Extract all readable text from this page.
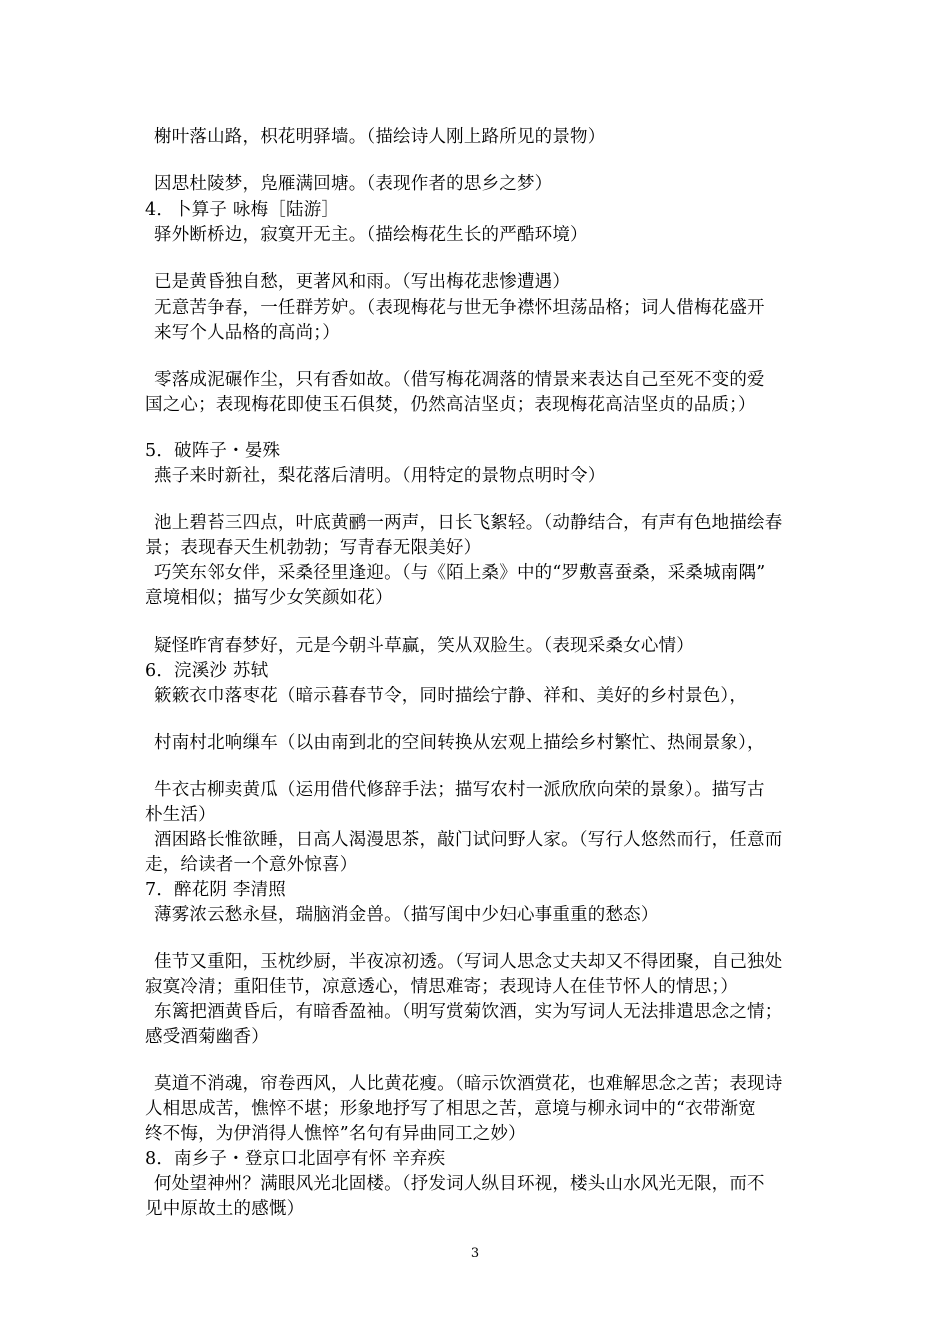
榭叶落山路，枳花明驿墙。（描绘诗人刚上路所见的景物）
因思杜陵梦，凫雁满回塘。（表现作者的思乡之梦）
4．卜算子 咏梅［陆游］
驿外断桥边，寂寞开无主。（描绘梅花生长的严酷环境）
已是黄昏独自愁，更著风和雨。（写出梅花悲惨遭遇）
无意苦争春，一任群芳妒。（表现梅花与世无争襟怀坦荡品格；词人借梅花盛开
来写个人品格的高尚；）
零落成泥碾作尘，只有香如故。（借写梅花凋落的情景来表达自己至死不变的爱
国之心；表现梅花即使玉石俱焚，仍然高洁坚贞；表现梅花高洁坚贞的品质；）
5．破阵子・晏殊
燕子来时新社，梨花落后清明。（用特定的景物点明时令）
池上碧苔三四点，叶底黄鹂一两声，日长飞絮轻。（动静结合，有声有色地描绘春
景；表现春天生机勃勃；写青春无限美好）
巧笑东邻女伴，采桑径里逢迎。（与《陌上桑》中的“罗敷喜蚕桑，采桑城南隅”
意境相似；描写少女笑颜如花）
疑怪昨宵春梦好，元是今朝斗草赢，笑从双脸生。（表现采桑女心情）
6．浣溪沙 苏轼
簌簌衣巾落枣花（暗示暮春节令，同时描绘宁静、祥和、美好的乡村景色），
村南村北响缫车（以由南到北的空间转换从宏观上描绘乡村繁忙、热闹景象），
牛衣古柳卖黄瓜（运用借代修辞手法；描写农村一派欣欣向荣的景象）。描写古
朴生活）
酒困路长惟欲睡，日高人渴漫思茶，敲门试问野人家。（写行人悠然而行，任意而
走，给读者一个意外惊喜）
7．醉花阴 李清照
薄雾浓云愁永昼，瑞脑消金兽。（描写闺中少妇心事重重的愁态）
佳节又重阳，玉枕纱厨，半夜凉初透。（写词人思念丈夫却又不得团聚，自己独处
寂寞冷清；重阳佳节，凉意透心，情思难寄；表现诗人在佳节怀人的情思；）
东篱把酒黄昏后，有暗香盈袖。（明写赏菊饮酒，实为写词人无法排遣思念之情；
感受酒菊幽香）
莫道不消魂，帘卷西风，人比黄花瘦。（暗示饮酒赏花，也难解思念之苦；表现诗
人相思成苦，憔悴不堪；形象地抒写了相思之苦，意境与柳永词中的“衣带渐宽
终不悔，为伊消得人憔悴”名句有异曲同工之妙）
8．南乡子・登京口北固亭有怀 辛弃疾
何处望神州？满眼风光北固楼。（抒发词人纵目环视，楼头山水风光无限，而不
见中原故土的感慨）
3
